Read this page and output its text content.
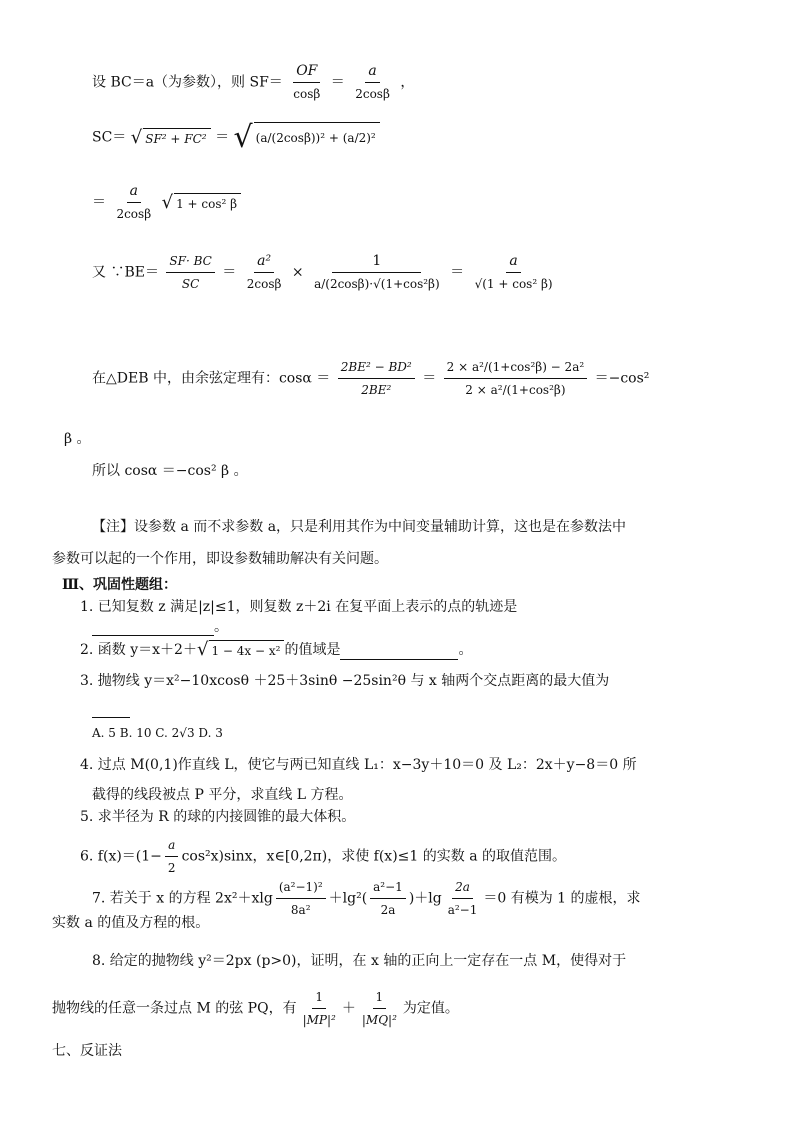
设 BC＝a（为参数），则 $SF= \frac{OF}{\cos\beta} = \frac{a}{2\cos\beta}$ ，
SC＝ √ SF² + FC² ＝ √ (a/(2cosβ))² + (a/2)²
＝ $\frac{a}{2\cos\beta}$ √ 1 + cos² β
又 ∵BE＝ $\frac{SF\cdot BC}{SC} = \frac{\text{a²}}{2\cos\beta} \times \frac{1}{\text{a/(2cosβ)·√(1+cos²β)}} = \frac{a}{\text{√(1 + cos² β)}}$
在△DEB 中，由余弦定理有：$\cos\alpha = \frac{\text{2BE² − BD²}}{\text{2BE²}} = \frac{\text{2 × a²/(1+cos²β) − 2a²}}{\text{2 × a²/(1+cos²β)}} =-\cos^2$
β 。
所以 cosα ＝−cos² β 。
【注】设参数 a 而不求参数 a，只是利用其作为中间变量辅助计算，这也是在参数法中
参数可以起的一个作用，即设参数辅助解决有关问题。
Ⅲ、巩固性题组：
1. 已知复数 z 满足|z|≤1，则复数 z＋2i 在复平面上表示的点的轨迹是
。
2. 函数 y＝x＋2＋√ 1 − 4x − x² 的值域是	。
3. 抛物线 y＝x²−10xcosθ ＋25＋3sinθ −25sin²θ 与 x 轴两个交点距离的最大值为
A. 5 B. 10 C. 2√3 D. 3
4. 过点 M(0,1)作直线 L，使它与两已知直线 L₁：x−3y＋10＝0 及 L₂：2x＋y−8＝0 所
截得的线段被点 P 平分，求直线 L 方程。
5. 求半径为 R 的球的内接圆锥的最大体积。
6. $f(x)=(1- \frac{a}{2} \cos^2x)\sin x$，x∈[0,2π)，求使 f(x)≤1 的实数 a 的取值范围。
7. 若关于 x 的方程 $2x^2+xlg \frac{\text{(a²−1)²}}{\text{8a²}} +\lg^2( \frac{\text{a²−1}}{2a} )+\lg \frac{2a}{\text{a²−1}} =0$ 有模为 1 的虚根，求
实数 a 的值及方程的根。
8. 给定的抛物线 y²＝2px (p>0)，证明，在 x 轴的正向上一定存在一点 M，使得对于
抛物线的任意一条过点 M 的弦 PQ，有 $\frac{1}{\text{|MP|²}} + \frac{1}{\text{|MQ|²}}$ 为定值。
七、反证法
